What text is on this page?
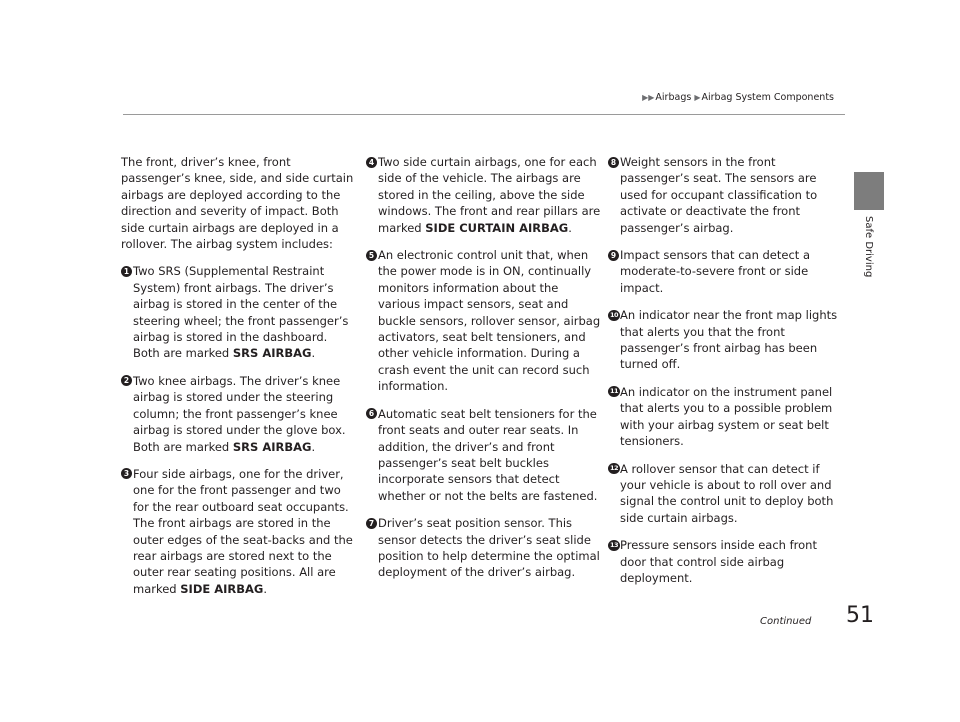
▶▶Airbags ▶Airbag System Components
Safe Driving

The front, driver’s knee, front passenger’s knee, side, and side curtain airbags are deployed according to the direction and severity of impact. Both side curtain airbags are deployed in a rollover. The airbag system includes:

1 Two SRS (Supplemental Restraint System) front airbags. The driver’s airbag is stored in the center of the steering wheel; the front passenger’s airbag is stored in the dashboard. Both are marked SRS AIRBAG.
2 Two knee airbags. The driver’s knee airbag is stored under the steering column; the front passenger’s knee airbag is stored under the glove box. Both are marked SRS AIRBAG.
3 Four side airbags, one for the driver, one for the front passenger and two for the rear outboard seat occupants. The front airbags are stored in the outer edges of the seat-backs and the rear airbags are stored next to the outer rear seating positions. All are marked SIDE AIRBAG.
4 Two side curtain airbags, one for each side of the vehicle. The airbags are stored in the ceiling, above the side windows. The front and rear pillars are marked SIDE CURTAIN AIRBAG.
5 An electronic control unit that, when the power mode is in ON, continually monitors information about the various impact sensors, seat and buckle sensors, rollover sensor, airbag activators, seat belt tensioners, and other vehicle information. During a crash event the unit can record such information.
6 Automatic seat belt tensioners for the front seats and outer rear seats. In addition, the driver’s and front passenger’s seat belt buckles incorporate sensors that detect whether or not the belts are fastened.
7 Driver’s seat position sensor. This sensor detects the driver’s seat slide position to help determine the optimal deployment of the driver’s airbag.
8 Weight sensors in the front passenger’s seat. The sensors are used for occupant classification to activate or deactivate the front passenger’s airbag.
9 Impact sensors that can detect a moderate-to-severe front or side impact.
10 An indicator near the front map lights that alerts you that the front passenger’s front airbag has been turned off.
11 An indicator on the instrument panel that alerts you to a possible problem with your airbag system or seat belt tensioners.
12 A rollover sensor that can detect if your vehicle is about to roll over and signal the control unit to deploy both side curtain airbags.
13 Pressure sensors inside each front door that control side airbag deployment.
Continued 51
